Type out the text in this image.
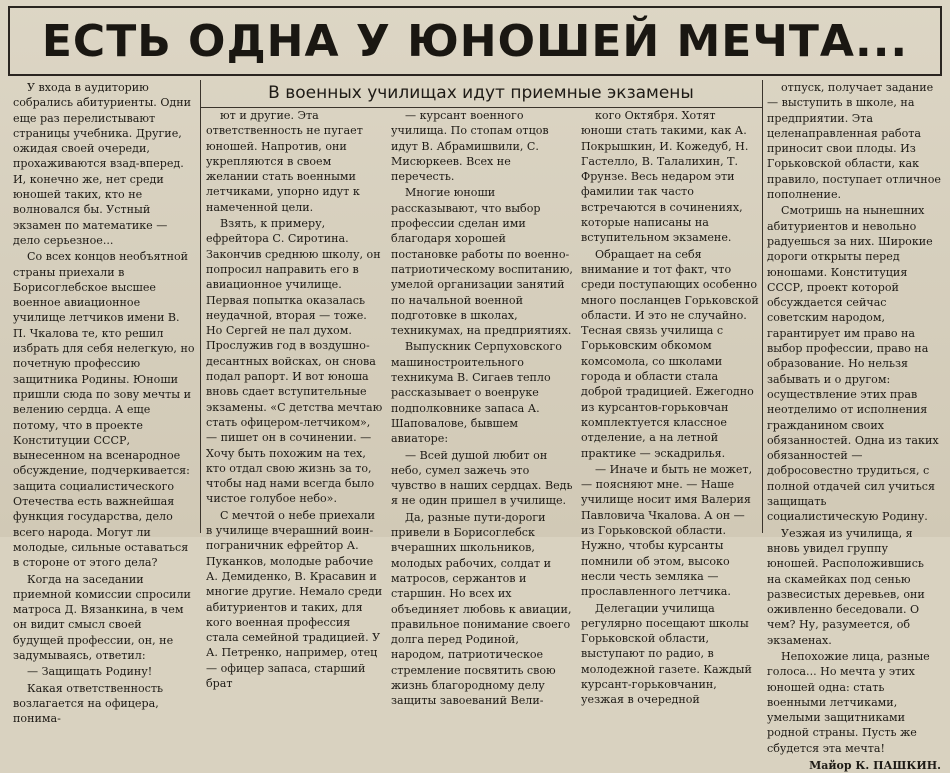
ЕСТЬ ОДНА У ЮНОШЕЙ МЕЧТА...
В военных училищах идут приемные экзамены

У входа в аудиторию собрались абитуриенты. Одни еще раз перелистывают страницы учебника. Другие, ожидая своей очереди, прохаживаются взад-вперед. И, конечно же, нет среди юношей таких, кто не волновался бы. Устный экзамен по математике — дело серьезное...

Со всех концов необъятной страны приехали в Борисоглебское высшее военное авиационное училище летчиков имени В. П. Чкалова те, кто решил избрать для себя нелегкую, но почетную профессию защитника Родины. Юноши пришли сюда по зову мечты и велению сердца. А еще потому, что в проекте Конституции СССР, вынесенном на всенародное обсуждение, подчеркивается: защита социалистического Отечества есть важнейшая функция государства, дело всего народа. Могут ли молодые, сильные оставаться в стороне от этого дела?

Когда на заседании приемной комиссии спросили матроса Д. Вязанкина, в чем он видит смысл своей будущей профессии, он, не задумываясь, ответил:

— Защищать Родину!

Какая ответственность возлагается на офицера, понима-

ют и другие. Эта ответственность не пугает юношей. Напротив, они укрепляются в своем желании стать военными летчиками, упорно идут к намеченной цели.

Взять, к примеру, ефрейтора С. Сиротина. Закончив среднюю школу, он попросил направить его в авиационное училище. Первая попытка оказалась неудачной, вторая — тоже. Но Сергей не пал духом. Прослужив год в воздушно-десантных войсках, он снова подал рапорт. И вот юноша вновь сдает вступительные экзамены. «С детства мечтаю стать офицером-летчиком», — пишет он в сочинении. — Хочу быть похожим на тех, кто отдал свою жизнь за то, чтобы над нами всегда было чистое голубое небо».

С мечтой о небе приехали в училище вчерашний воин-пограничник ефрейтор А. Пуканков, молодые рабочие А. Демиденко, В. Красавин и многие другие. Немало среди абитуриентов и таких, для кого военная профессия стала семейной традицией. У А. Петренко, например, отец — офицер запаса, старший брат

— курсант военного училища. По стопам отцов идут В. Абрамишвили, С. Мисюркеев. Всех не перечесть.

Многие юноши рассказывают, что выбор профессии сделан ими благодаря хорошей постановке работы по военно-патриотическому воспитанию, умелой организации занятий по начальной военной подготовке в школах, техникумах, на предприятиях.

Выпускник Серпуховского машиностроительного техникума В. Сигаев тепло рассказывает о военруке подполковнике запаса А. Шаповалове, бывшем авиаторе:

— Всей душой любит он небо, сумел зажечь это чувство в наших сердцах. Ведь я не один пришел в училище.

Да, разные пути-дороги привели в Борисоглебск вчерашних школьников, молодых рабочих, солдат и матросов, сержантов и старшин. Но всех их объединяет любовь к авиации, правильное понимание своего долга перед Родиной, народом, патриотическое стремление посвятить свою жизнь благородному делу защиты завоеваний Вели-

кого Октября. Хотят юноши стать такими, как А. Покрышкин, И. Кожедуб, Н. Гастелло, В. Талалихин, Т. Фрунзе. Весь недаром эти фамилии так часто встречаются в сочинениях, которые написаны на вступительном экзамене.

Обращает на себя внимание и тот факт, что среди поступающих особенно много посланцев Горьковской области. И это не случайно. Тесная связь училища с Горьковским обкомом комсомола, со школами города и области стала доброй традицией. Ежегодно из курсантов-горьковчан комплектуется классное отделение, а на летной практике — эскадрилья.

— Иначе и быть не может, — поясняют мне. — Наше училище носит имя Валерия Павловича Чкалова. А он — из Горьковской области. Нужно, чтобы курсанты помнили об этом, высоко несли честь земляка — прославленного летчика.

Делегации училища регулярно посещают школы Горьковской области, выступают по радио, в молодежной газете. Каждый курсант-горьковчанин, уезжая в очередной

отпуск, получает задание — выступить в школе, на предприятии. Эта целенаправленная работа приносит свои плоды. Из Горьковской области, как правило, поступает отличное пополнение.

Смотришь на нынешних абитуриентов и невольно радуешься за них. Широкие дороги открыты перед юношами. Конституция СССР, проект которой обсуждается сейчас советским народом, гарантирует им право на выбор профессии, право на образование. Но нельзя забывать и о другом: осуществление этих прав неотделимо от исполнения гражданином своих обязанностей. Одна из таких обязанностей — добросовестно трудиться, с полной отдачей сил учиться защищать социалистическую Родину.

Уезжая из училища, я вновь увидел группу юношей. Расположившись на скамейках под сенью развесистых деревьев, они оживленно беседовали. О чем? Ну, разумеется, об экзаменах.

Непохожие лица, разные голоса... Но мечта у этих юношей одна: стать военными летчиками, умелыми защитниками родной страны. Пусть же сбудется эта мечта!

Майор К. ПАШКИН.
